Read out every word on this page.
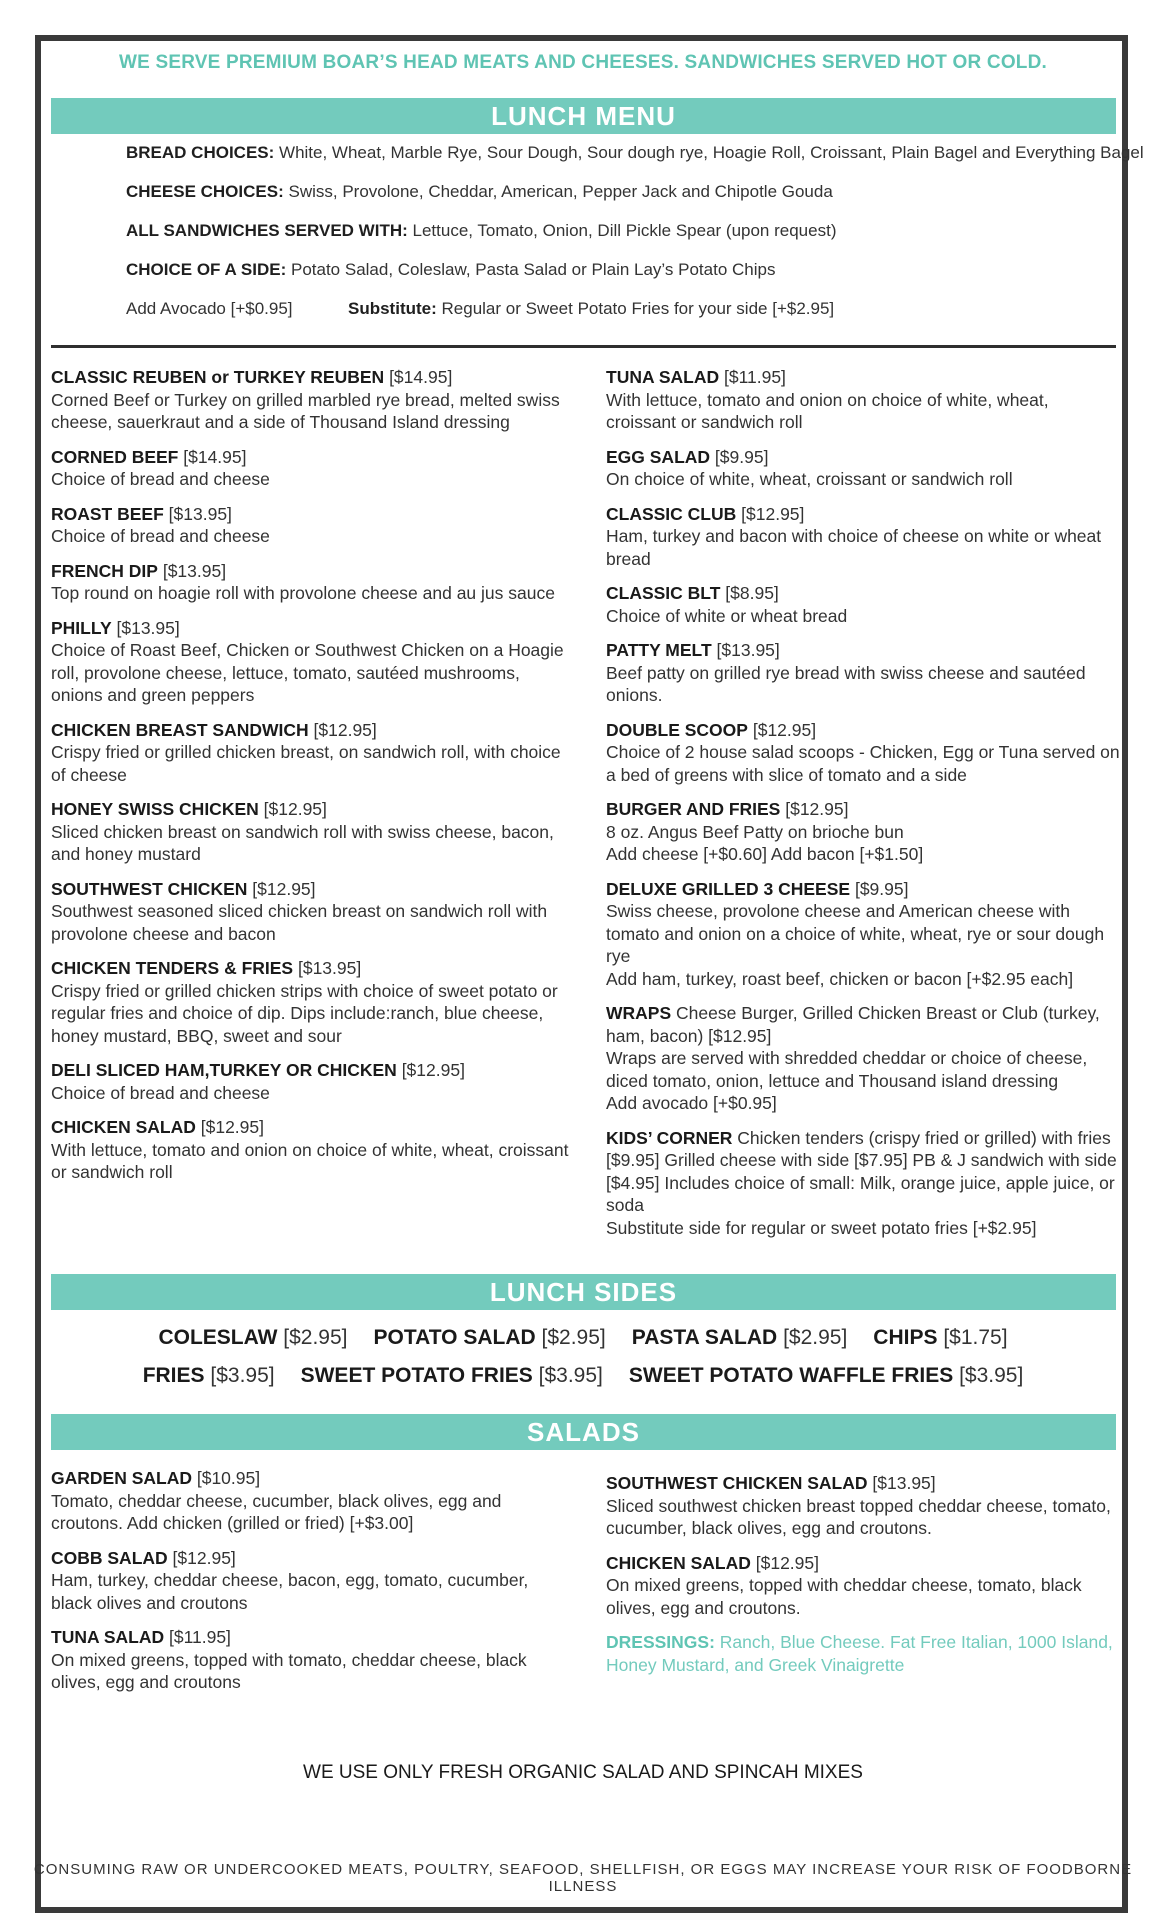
WE SERVE PREMIUM BOAR’S HEAD MEATS AND CHEESES. SANDWICHES SERVED HOT OR COLD.
LUNCH MENU
BREAD CHOICES: White, Wheat, Marble Rye, Sour Dough, Sour dough rye, Hoagie Roll, Croissant, Plain Bagel and Everything Bagel
CHEESE CHOICES: Swiss, Provolone, Cheddar, American, Pepper Jack and Chipotle Gouda
ALL SANDWICHES SERVED WITH: Lettuce, Tomato, Onion, Dill Pickle Spear (upon request)
CHOICE OF A SIDE: Potato Salad, Coleslaw, Pasta Salad or Plain Lay’s Potato Chips
Add Avocado [+$0.95]	Substitute: Regular or Sweet Potato Fries for your side [+$2.95]
CLASSIC REUBEN or TURKEY REUBEN [$14.95]
Corned Beef or Turkey on grilled marbled rye bread, melted swiss cheese, sauerkraut and a side of Thousand Island dressing
CORNED BEEF [$14.95]
Choice of bread and cheese
ROAST BEEF [$13.95]
Choice of bread and cheese
FRENCH DIP [$13.95]
Top round on hoagie roll with provolone cheese and au jus sauce
PHILLY [$13.95]
Choice of Roast Beef, Chicken or Southwest Chicken on a Hoagie roll, provolone cheese, lettuce, tomato, sautéed mushrooms, onions and green peppers
CHICKEN BREAST SANDWICH [$12.95]
Crispy fried or grilled chicken breast, on sandwich roll, with choice of cheese
HONEY SWISS CHICKEN [$12.95]
Sliced chicken breast on sandwich roll with swiss cheese, bacon, and honey mustard
SOUTHWEST CHICKEN [$12.95]
Southwest seasoned sliced chicken breast on sandwich roll with provolone cheese and bacon
CHICKEN TENDERS & FRIES [$13.95]
Crispy fried or grilled chicken strips with choice of sweet potato or regular fries and choice of dip. Dips include:ranch, blue cheese, honey mustard, BBQ, sweet and sour
DELI SLICED HAM,TURKEY OR CHICKEN [$12.95]
Choice of bread and cheese
CHICKEN SALAD [$12.95]
With lettuce, tomato and onion on choice of white, wheat, croissant or sandwich roll
TUNA SALAD [$11.95]
With lettuce, tomato and onion on choice of white, wheat, croissant or sandwich roll
EGG SALAD [$9.95]
On choice of white, wheat, croissant or sandwich roll
CLASSIC CLUB [$12.95]
Ham, turkey and bacon with choice of cheese on white or wheat bread
CLASSIC BLT [$8.95]
Choice of white or wheat bread
PATTY MELT [$13.95]
Beef patty on grilled rye bread with swiss cheese and sautéed onions.
DOUBLE SCOOP [$12.95]
Choice of 2 house salad scoops - Chicken, Egg or Tuna served on a bed of greens with slice of tomato and a side
BURGER AND FRIES [$12.95]
8 oz. Angus Beef Patty on brioche bun
Add cheese [+$0.60] Add bacon [+$1.50]
DELUXE GRILLED 3 CHEESE [$9.95]
Swiss cheese, provolone cheese and American cheese with tomato and onion on a choice of white, wheat, rye or sour dough rye
Add ham, turkey, roast beef, chicken or bacon [+$2.95 each]
WRAPS Cheese Burger, Grilled Chicken Breast or Club (turkey, ham, bacon) [$12.95]
Wraps are served with shredded cheddar or choice of cheese, diced tomato, onion, lettuce and Thousand island dressing
Add avocado [+$0.95]
KIDS’ CORNER Chicken tenders (crispy fried or grilled) with fries [$9.95] Grilled cheese with side [$7.95] PB & J sandwich with side [$4.95] Includes choice of small: Milk, orange juice, apple juice, or soda
Substitute side for regular or sweet potato fries [+$2.95]
LUNCH SIDES
COLESLAW [$2.95] POTATO SALAD [$2.95] PASTA SALAD [$2.95] CHIPS [$1.75]
FRIES [$3.95] SWEET POTATO FRIES [$3.95] SWEET POTATO WAFFLE FRIES [$3.95]
SALADS
GARDEN SALAD [$10.95]
Tomato, cheddar cheese, cucumber, black olives, egg and croutons. Add chicken (grilled or fried) [+$3.00]
COBB SALAD [$12.95]
Ham, turkey, cheddar cheese, bacon, egg, tomato, cucumber, black olives and croutons
TUNA SALAD [$11.95]
On mixed greens, topped with tomato, cheddar cheese, black olives, egg and croutons
SOUTHWEST CHICKEN SALAD [$13.95]
Sliced southwest chicken breast topped cheddar cheese, tomato, cucumber, black olives, egg and croutons.
CHICKEN SALAD [$12.95]
On mixed greens, topped with cheddar cheese, tomato, black olives, egg and croutons.
DRESSINGS: Ranch, Blue Cheese. Fat Free Italian, 1000 Island, Honey Mustard, and Greek Vinaigrette
WE USE ONLY FRESH ORGANIC SALAD AND SPINCAH MIXES
CONSUMING RAW OR UNDERCOOKED MEATS, POULTRY, SEAFOOD, SHELLFISH, OR EGGS MAY INCREASE YOUR RISK OF FOODBORNE ILLNESS
